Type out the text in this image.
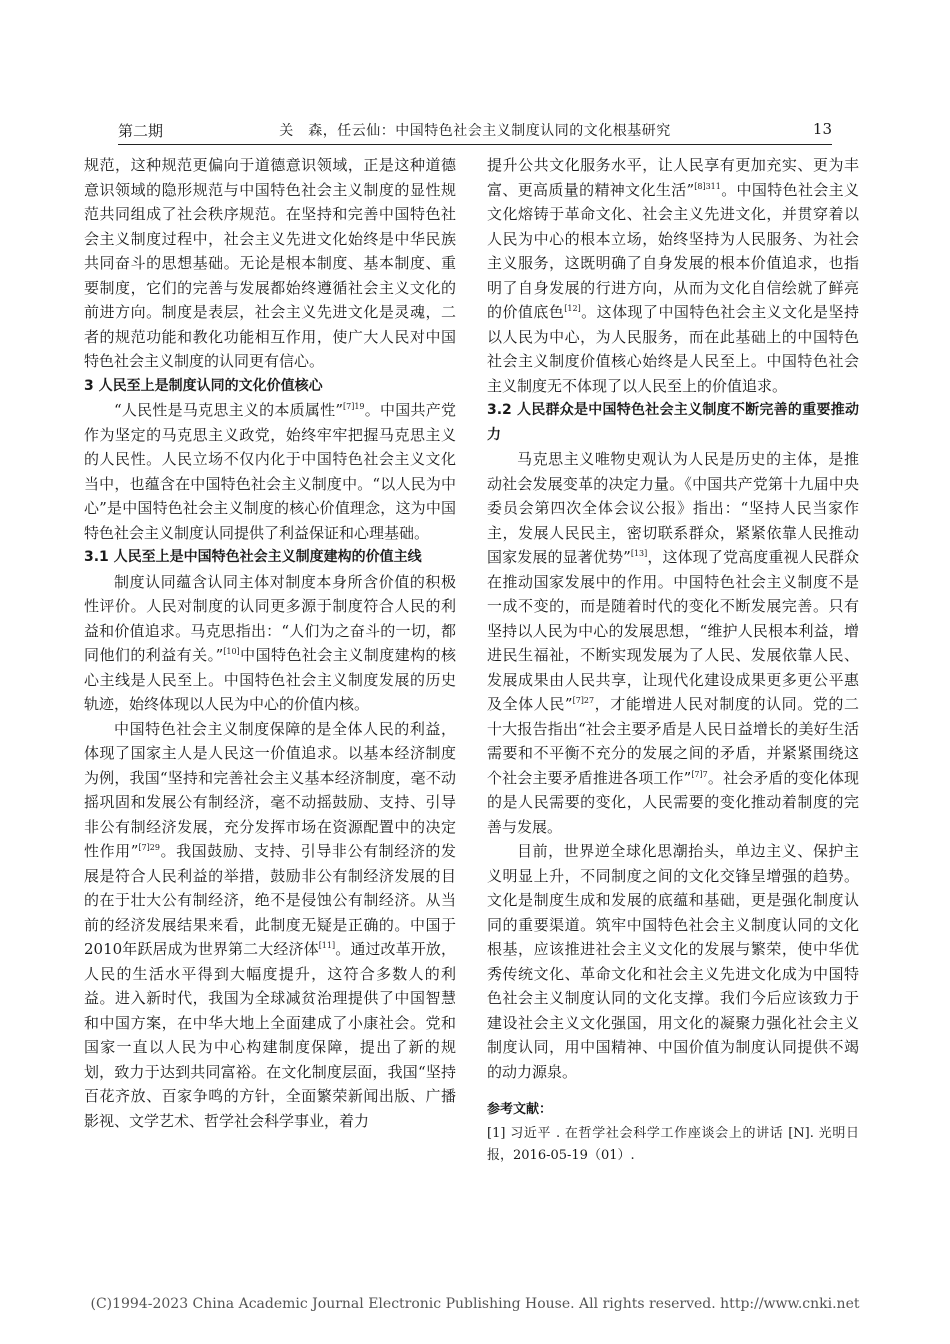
第二期	关　森，任云仙：中国特色社会主义制度认同的文化根基研究	13

规范，这种规范更偏向于道德意识领域，正是这种道德意识领域的隐形规范与中国特色社会主义制度的显性规范共同组成了社会秩序规范。在坚持和完善中国特色社会主义制度过程中，社会主义先进文化始终是中华民族共同奋斗的思想基础。无论是根本制度、基本制度、重要制度，它们的完善与发展都始终遵循社会主义文化的前进方向。制度是表层，社会主义先进文化是灵魂，二者的规范功能和教化功能相互作用，使广大人民对中国特色社会主义制度的认同更有信心。

3 人民至上是制度认同的文化价值核心

“人民性是马克思主义的本质属性”$^{[7]19}$。中国共产党作为坚定的马克思主义政党，始终牢牢把握马克思主义的人民性。人民立场不仅内化于中国特色社会主义文化当中，也蕴含在中国特色社会主义制度中。“以人民为中心”是中国特色社会主义制度的核心价值理念，这为中国特色社会主义制度认同提供了利益保证和心理基础。

3.1 人民至上是中国特色社会主义制度建构的价值主线

制度认同蕴含认同主体对制度本身所含价值的积极性评价。人民对制度的认同更多源于制度符合人民的利益和价值追求。马克思指出：“人们为之奋斗的一切，都同他们的利益有关。”[10]中国特色社会主义制度建构的核心主线是人民至上。中国特色社会主义制度发展的历史轨迹，始终体现以人民为中心的价值内核。

中国特色社会主义制度保障的是全体人民的利益，体现了国家主人是人民这一价值追求。以基本经济制度为例，我国“坚持和完善社会主义基本经济制度，毫不动摇巩固和发展公有制经济，毫不动摇鼓励、支持、引导非公有制经济发展，充分发挥市场在资源配置中的决定性作用”$^{[7]29}$。我国鼓励、支持、引导非公有制经济的发展是符合人民利益的举措，鼓励非公有制经济发展的目的在于壮大公有制经济，绝不是侵蚀公有制经济。从当前的经济发展结果来看，此制度无疑是正确的。中国于2010年跃居成为世界第二大经济体[11]。通过改革开放，人民的生活水平得到大幅度提升，这符合多数人的利益。进入新时代，我国为全球减贫治理提供了中国智慧和中国方案，在中华大地上全面建成了小康社会。党和国家一直以人民为中心构建制度保障，提出了新的规划，致力于达到共同富裕。在文化制度层面，我国“坚持百花齐放、百家争鸣的方针，全面繁荣新闻出版、广播影视、文学艺术、哲学社会科学事业，着力

提升公共文化服务水平，让人民享有更加充实、更为丰富、更高质量的精神文化生活”$^{[8]311}$。中国特色社会主义文化熔铸于革命文化、社会主义先进文化，并贯穿着以人民为中心的根本立场，始终坚持为人民服务、为社会主义服务，这既明确了自身发展的根本价值追求，也指明了自身发展的行进方向，从而为文化自信绘就了鲜亮的价值底色[12]。这体现了中国特色社会主义文化是坚持以人民为中心，为人民服务，而在此基础上的中国特色社会主义制度价值核心始终是人民至上。中国特色社会主义制度无不体现了以人民至上的价值追求。

3.2 人民群众是中国特色社会主义制度不断完善的重要推动力

马克思主义唯物史观认为人民是历史的主体，是推动社会发展变革的决定力量。《中国共产党第十九届中央委员会第四次全体会议公报》指出：“坚持人民当家作主，发展人民民主，密切联系群众，紧紧依靠人民推动国家发展的显著优势”[13]，这体现了党高度重视人民群众在推动国家发展中的作用。中国特色社会主义制度不是一成不变的，而是随着时代的变化不断发展完善。只有坚持以人民为中心的发展思想，“维护人民根本利益，增进民生福祉，不断实现发展为了人民、发展依靠人民、发展成果由人民共享，让现代化建设成果更多更公平惠及全体人民”$^{[7]27}$，才能增进人民对制度的认同。党的二十大报告指出“社会主要矛盾是人民日益增长的美好生活需要和不平衡不充分的发展之间的矛盾，并紧紧围绕这个社会主要矛盾推进各项工作”$^{[7]7}$。社会矛盾的变化体现的是人民需要的变化，人民需要的变化推动着制度的完善与发展。

目前，世界逆全球化思潮抬头，单边主义、保护主义明显上升，不同制度之间的文化交锋呈增强的趋势。文化是制度生成和发展的底蕴和基础，更是强化制度认同的重要渠道。筑牢中国特色社会主义制度认同的文化根基，应该推进社会主义文化的发展与繁荣，使中华优秀传统文化、革命文化和社会主义先进文化成为中国特色社会主义制度认同的文化支撑。我们今后应该致力于建设社会主义文化强国，用文化的凝聚力强化社会主义制度认同，用中国精神、中国价值为制度认同提供不竭的动力源泉。

参考文献：

[1] 习近平 . 在哲学社会科学工作座谈会上的讲话 [N]. 光明日报，2016-05-19（01）.

(C)1994-2023 China Academic Journal Electronic Publishing House. All rights reserved. http://www.cnki.net
